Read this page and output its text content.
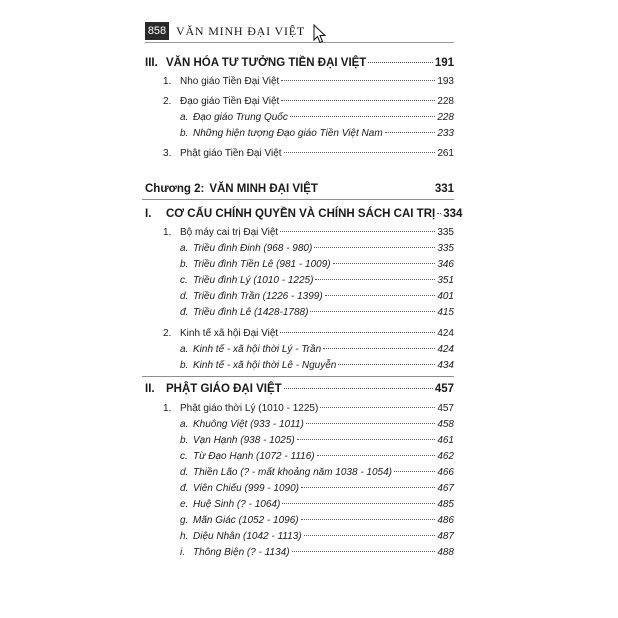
858 VĂN MINH ĐẠI VIỆT
III. VĂN HÓA TƯ TƯỞNG TIỀN ĐẠI VIỆT	191
1. Nho giáo Tiền Đại Việt	193
2. Đạo giáo Tiền Đại Việt	228
a. Đạo giáo Trung Quốc	228
b. Những hiện tượng Đạo giáo Tiền Việt Nam	233
3. Phật giáo Tiền Đại Việt	261
Chương 2: VĂN MINH ĐẠI VIỆT	331
I.	CƠ CẤU CHÍNH QUYỀN VÀ CHÍNH SÁCH CAI TRỊ 334
1. Bộ máy cai trị Đại Việt	335
a. Triều đình Đinh (968 - 980)	335
b. Triều đình Tiền Lê (981 - 1009)	346
c. Triều đình Lý (1010 - 1225)	351
d. Triều đình Trần (1226 - 1399)	401
đ. Triều đình Lê (1428-1788)	415
2. Kinh tế xã hội Đại Việt	424
a. Kinh tế - xã hội thời Lý - Trần	424
b. Kinh tế - xã hội thời Lê - Nguyễn	434
II. PHẬT GIÁO ĐẠI VIỆT	457
1. Phật giáo thời Lý (1010 - 1225)	457
a. Khuông Việt (933 - 1011)	458
b. Vạn Hạnh (938 - 1025)	461
c. Từ Đạo Hạnh (1072 - 1116)	462
d. Thiền Lão (? - mất khoảng năm 1038 - 1054)	466
đ. Viên Chiếu (999 - 1090)	467
e. Huệ Sinh (? - 1064)	485
g. Mãn Giác (1052 - 1096)	486
h. Diệu Nhân (1042 - 1113)	487
i. Thông Biện (? - 1134)	488
